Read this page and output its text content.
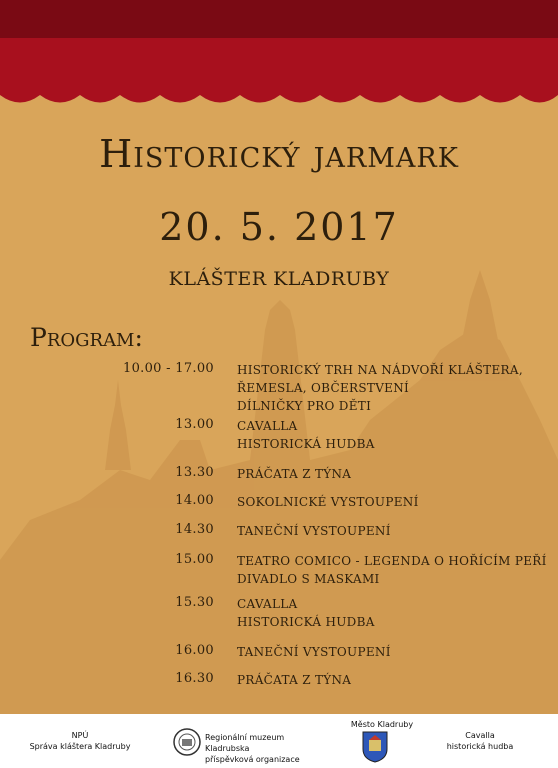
Historický jarmark
20. 5. 2017
KLÁŠTER KLADRUBY
Program:
10.00 - 17.00 HISTORICKÝ TRH NA NÁDVOŘÍ KLÁŠTERA,
ŘEMESLA, OBČERSTVENÍ
DÍLNIČKY PRO DĚTI
13.00 CAVALLA
HISTORICKÁ HUDBA
13.30 PRÁČATA Z TÝNA
14.00 SOKOLNICKÉ VYSTOUPENÍ
14.30 TANEČNÍ VYSTOUPENÍ
15.00 TEATRO COMICO - LEGENDA O HOŘÍCÍM PEŘÍ
DIVADLO S MASKAMI
15.30 CAVALLA
HISTORICKÁ HUDBA
16.00 TANEČNÍ VYSTOUPENÍ
16.30 PRÁČATA Z TÝNA
NPÚ
Správa kláštera Kladruby
Regionální muzeum Kladrubska
příspěvková organizace
Město Kladruby
Cavalla
historická hudba
